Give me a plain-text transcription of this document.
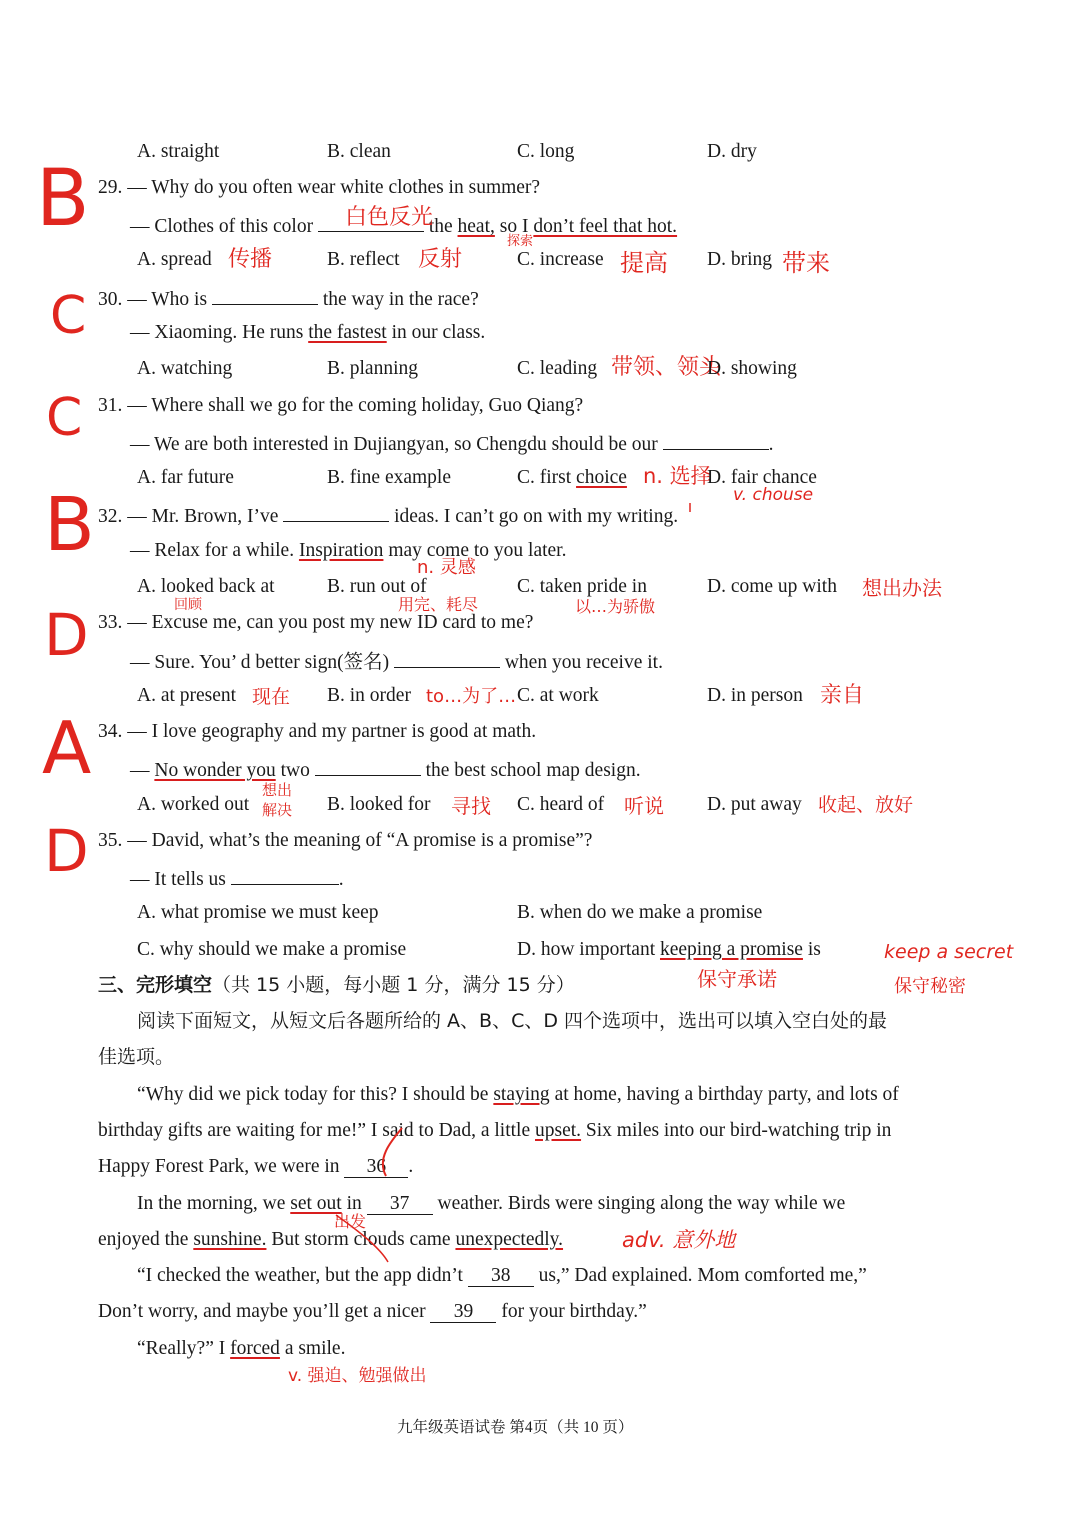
A. straight	B. clean	C. long	D. dry
B 29. — Why do you often wear white clothes in summer?
— Clothes of this color	the heat, so I don’t feel that hot.
白色反光
探索
A. spread 传播	B. reflect 反射	C. increase 提高 D. bring 带来
C 30. — Who is	the way in the race?
— Xiaoming. He runs the fastest in our class.
A. watching	B. planning	C. leading 带领、领头
D. showing
C 31. — Where shall we go for the coming holiday, Guo Qiang?
— We are both interested in Dujiangyan, so Chengdu should be our	.
A. far future	B. fine example	C. first choice n. 选择
D. fair chance
v. chouse
B 32. — Mr. Brown, I’ve	ideas. I can’t go on with my writing.
— Relax for a while. Inspiration may come to you later.
n. 灵感
A. looked back at
回顾
B. run out of
用完、耗尽
C. taken pride in
以…为骄傲
D. come up with 想出办法
D 33. — Excuse me, can you post my new ID card to me?
— Sure. You’ d better sign(签名)	when you receive it.
A. at present 现在 B. in order to…为了… C. at work	D. in person 亲自
A 34. — I love geography and my partner is good at math.
— No wonder you two	the best school map design.
A. worked out
想出解决	B. looked for 寻找 C. heard of 听说 D. put away 收起、放好
D 35. — David, what’s the meaning of “A promise is a promise”?
— It tells us	.
A. what promise we must keep	B. when do we make a promise
C. why should we make a promise	D. how important keeping a promise is	keep a secret
保守承诺	保守秘密
三、完形填空（共 15 小题，每小题 1 分，满分 15 分）
阅读下面短文，从短文后各题所给的 A、B、C、D 四个选项中，选出可以填入空白处的最
佳选项。
“Why did we pick today for this? I should be staying at home, having a birthday party, and lots of
birthday gifts are waiting for me!” I said to Dad, a little upset. Six miles into our bird-watching trip in
Happy Forest Park, we were in 36 .
In the morning, we set out in 37 weather. Birds were singing along the way while we
出发
enjoyed the sunshine. But storm clouds came unexpectedly.	adv. 意外地
“I checked the weather, but the app didn’t 38 us,” Dad explained. Mom comforted me,”
Don’t worry, and maybe you’ll get a nicer 39 for your birthday.”
“Really?” I forced a smile.
v. 强迫、勉强做出
九年级英语试卷 第4页（共 10 页）
